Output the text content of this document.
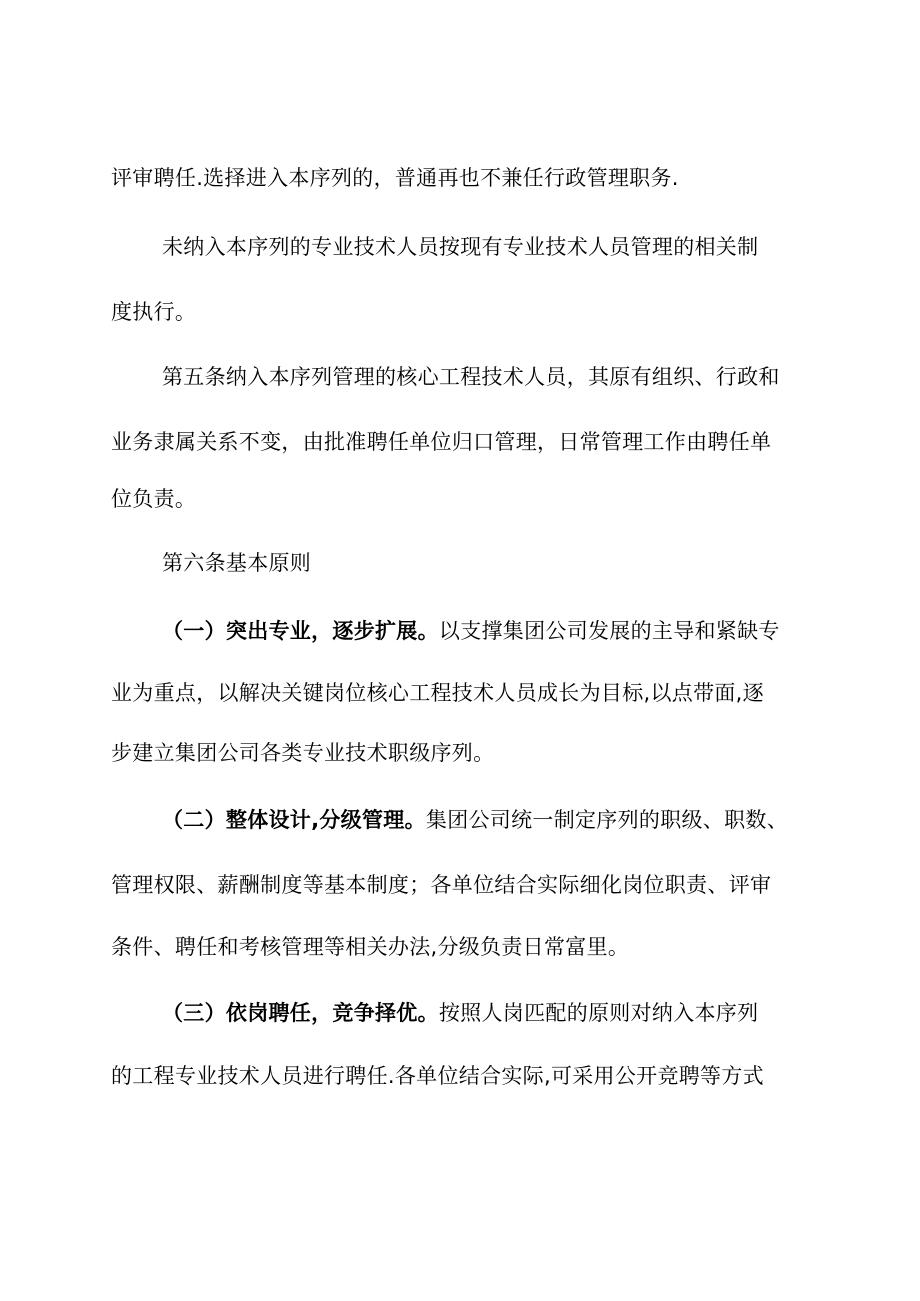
评审聘任.选择进入本序列的，普通再也不兼任行政管理职务.
未纳入本序列的专业技术人员按现有专业技术人员管理的相关制
度执行。
第五条纳入本序列管理的核心工程技术人员，其原有组织、行政和
业务隶属关系不变，由批准聘任单位归口管理，日常管理工作由聘任单
位负责。
第六条基本原则
（一）突出专业，逐步扩展。以支撑集团公司发展的主导和紧缺专
业为重点，以解决关键岗位核心工程技术人员成长为目标,以点带面,逐
步建立集团公司各类专业技术职级序列。
（二）整体设计,分级管理。集团公司统一制定序列的职级、职数、
管理权限、薪酬制度等基本制度；各单位结合实际细化岗位职责、评审
条件、聘任和考核管理等相关办法,分级负责日常富里。
（三）依岗聘任，竞争择优。按照人岗匹配的原则对纳入本序列
的工程专业技术人员进行聘任.各单位结合实际,可采用公开竞聘等方式
